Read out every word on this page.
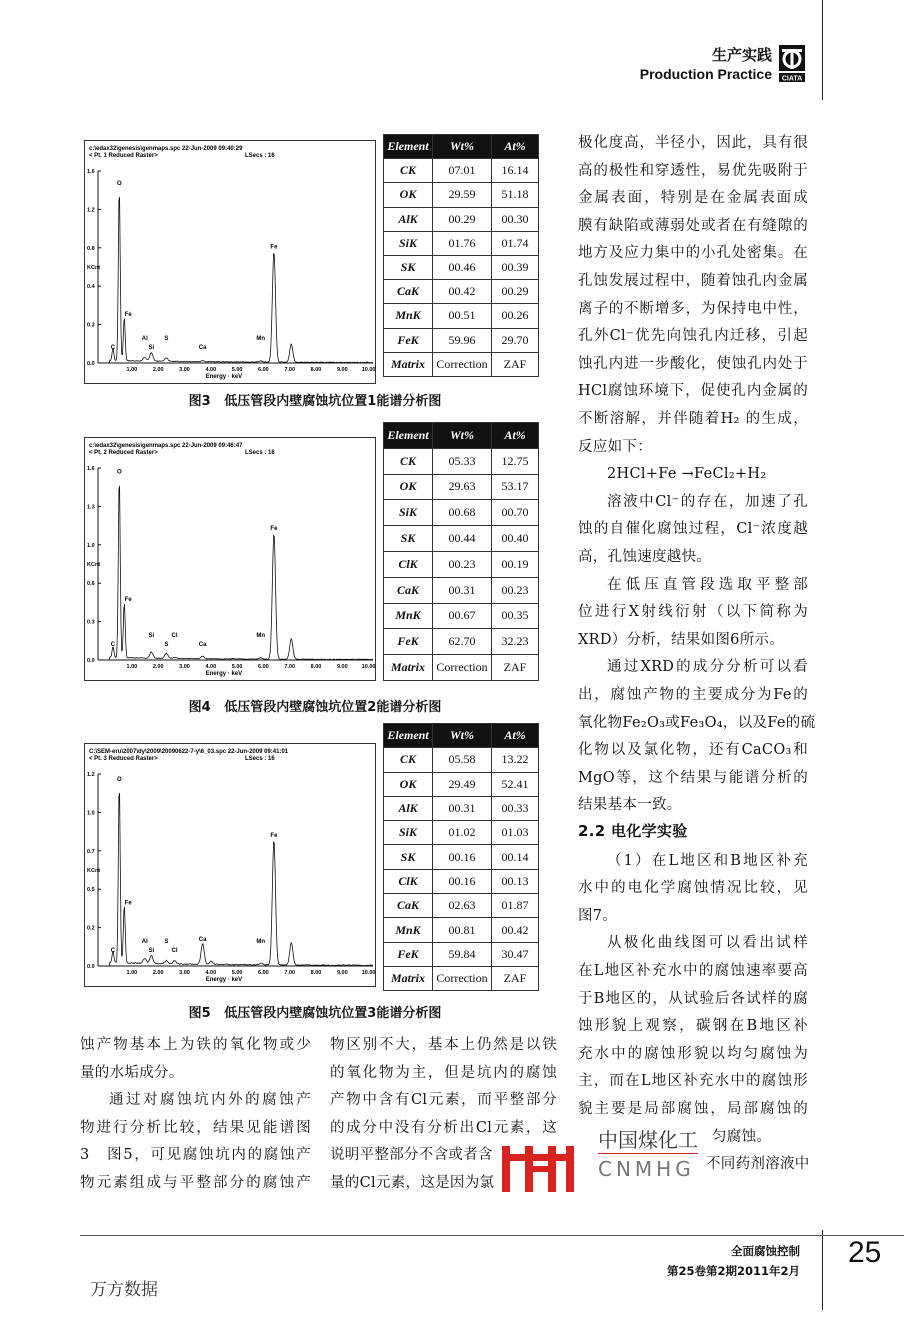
生产实践
Production Practice CIATA
c:\edax32\genesis\genmaps.spc 22-Jun-2009 09:40:29
< Pt. 1 Reduced Raster>	LSecs : 16
1.6
1.2
0.8
0.4
0.3
0.0
KCnt
1.00	2.00	3.00	4.00	5.00	6.00	7.00	8.00	9.00	10.00
Energy · keV
C
O
Fe
Al
Si
S
Ca
Mn
Fe
Element	Wt%	At%
CK	07.01	16.14
OK	29.59	51.18
AlK	00.29	00.30
SiK	01.76	01.74
SK	00.46	00.39
CaK	00.42	00.29
MnK	00.51	00.26
FeK	59.96	29.70
Matrix	Correction	ZAF
图3   低压管段内壁腐蚀坑位置1能谱分析图
c:\edax32\genesis\genmaps.spc 22-Jun-2009 09:46:47
< Pt. 2 Reduced Raster>	LSecs : 16
1.6
1.3
1.0
0.6
0.3
0.0
KCnt
1.00	2.00	3.00	4.00	5.00	6.00	7.00	8.00	9.00	10.00
Energy · keV
C
O
Fe
Si
S
Cl
Ca
Mn
Fe
Element	Wt%	At%
CK	05.33	12.75
OK	29.63	53.17
SiK	00.68	00.70
SK	00.44	00.40
ClK	00.23	00.19
CaK	00.31	00.23
MnK	00.67	00.35
FeK	62.70	32.23
Matrix	Correction	ZAF
图4   低压管段内壁腐蚀坑位置2能谱分析图
C:\SEM-eru\2007\dy\2009\20090622-7-y\6_03.spc 22-Jun-2009 09:41:01
< Pt. 3 Reduced Raster>	LSecs : 16
1.2
1.0
0.7
0.5
0.2
0.0
KCnt
1.00	2.00	3.00	4.00	5.00	6.00	7.00	8.00	9.00	10.00
Energy · keV
C
O
Fe
Al
Si
S
Cl
Ca	Mn
Fe
Element	Wt%	At%
CK	05.58	13.22
OK	29.49	52.41
AlK	00.31	00.33
SiK	01.02	01.03
SK	00.16	00.14
ClK	00.16	00.13
CaK	02.63	01.87
MnK	00.81	00.42
FeK	59.84	30.47
Matrix	Correction	ZAF
图5   低压管段内壁腐蚀坑位置3能谱分析图

蚀产物基本上为铁的氧化物或少

量的水垢成分。

通过对腐蚀坑内外的腐蚀产

物进行分析比较，结果见能谱图

3　图5，可见腐蚀坑内的腐蚀产

物元素组成与平整部分的腐蚀产

物区别不大，基本上仍然是以铁

的氧化物为主，但是坑内的腐蚀

产物中含有Cl元素，而平整部分

的成分中没有分析出Cl元素，这

说明平整部分不含或者含

量的Cl元素，这是因为氯

极化度高，半径小，因此，具有很
高的极性和穿透性，易优先吸附于
金属表面，特别是在金属表面成
膜有缺陷或薄弱处或者在有缝隙的
地方及应力集中的小孔处密集。在
孔蚀发展过程中，随着蚀孔内金属
离子的不断增多，为保持电中性，
孔外Cl⁻优先向蚀孔内迁移，引起
蚀孔内进一步酸化，使蚀孔内处于
HCl腐蚀环境下，促使孔内金属的
不断溶解，并伴随着H₂ 的生成，
反应如下：
2HCl+Fe →FeCl₂+H₂
溶液中Cl⁻的存在，加速了孔
蚀的自催化腐蚀过程，Cl⁻浓度越
高，孔蚀速度越快。
在低压直管段选取平整部
位进行X射线衍射（以下简称为
XRD）分析，结果如图6所示。
通过XRD的成分分析可以看
出，腐蚀产物的主要成分为Fe的
氧化物Fe₂O₃或Fe₃O₄，以及Fe的硫
化物以及氯化物，还有CaCO₃和
MgO等，这个结果与能谱分析的
结果基本一致。
2.2 电化学实验
（1）在L地区和B地区补充
水中的电化学腐蚀情况比较，见
图7。
从极化曲线图可以看出试样
在L地区补充水中的腐蚀速率要高
于B地区的，从试验后各试样的腐
蚀形貌上观察，碳钢在B地区补
充水中的腐蚀形貌以均匀腐蚀为
主，而在L地区补充水中的腐蚀形
貌主要是局部腐蚀，局部腐蚀的
匀腐蚀。
不同药剂溶液中
中国煤化工
CNMHG
全面腐蚀控制
第25卷第2期2011年2月
25
万方数据
